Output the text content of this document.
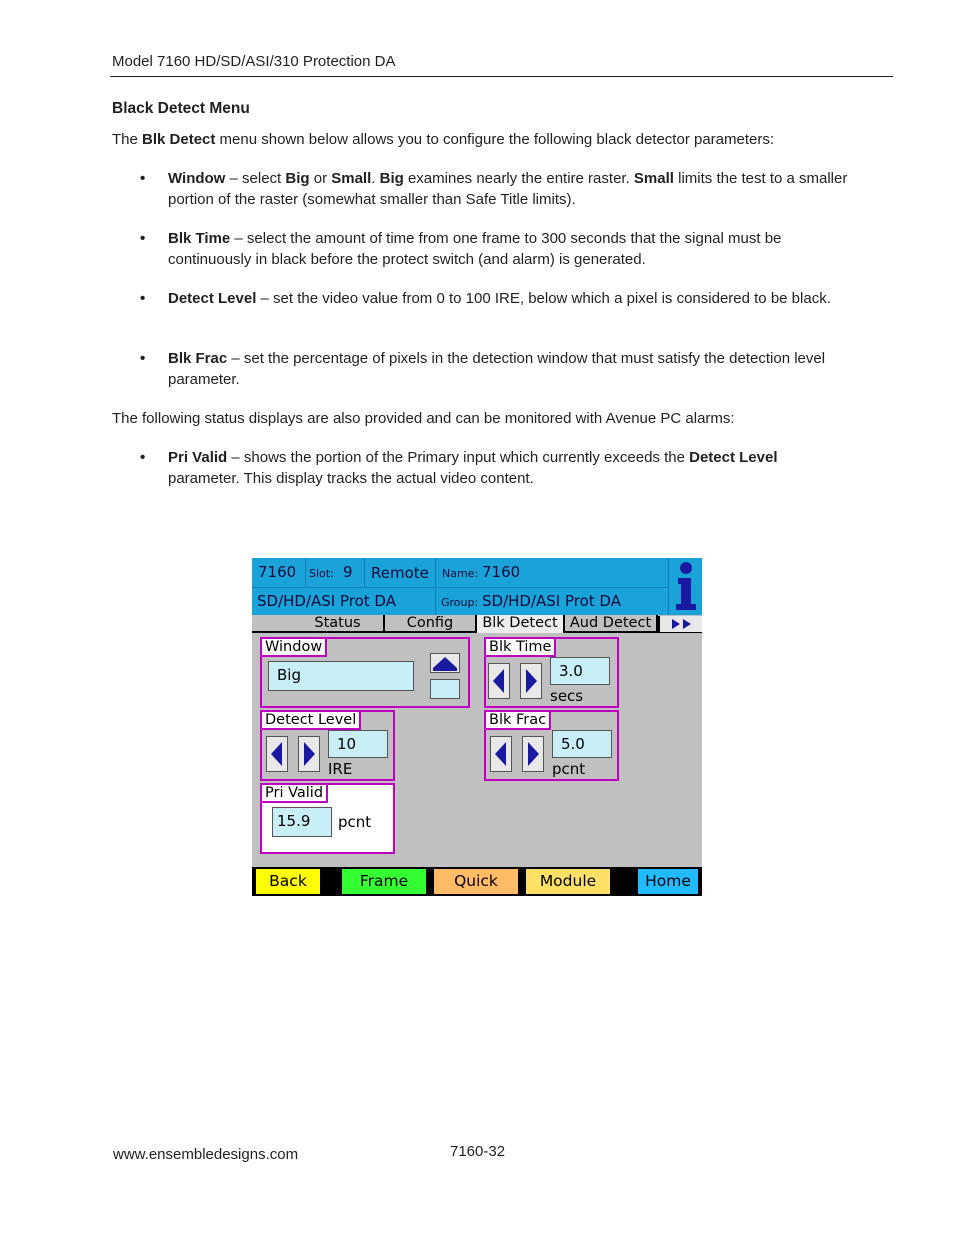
Model 7160 HD/SD/ASI/310 Protection DA
Black Detect Menu
The Blk Detect menu shown below allows you to configure the following black detector parameters:
• Window – select Big or Small. Big examines nearly the entire raster. Small limits the test to a smaller portion of the raster (somewhat smaller than Safe Title limits).
• Blk Time – select the amount of time from one frame to 300 seconds that the signal must be continuously in black before the protect switch (and alarm) is generated.
• Detect Level – set the video value from 0 to 100 IRE, below which a pixel is considered to be black.
• Blk Frac – set the percentage of pixels in the detection window that must satisfy the detection level parameter.
The following status displays are also provided and can be monitored with Avenue PC alarms:
• Pri Valid – shows the portion of the Primary input which currently exceeds the Detect Level parameter. This display tracks the actual video content.
7160 Slot: 9 Remote Name: 7160
SD/HD/ASI Prot DA	Group: SD/HD/ASI Prot DA
Status	Config	Blk Detect Aud Detect
Window
Big
Blk Time
3.0
secs
Detect Level
10
IRE
Blk Frac
5.0
pcnt
Pri Valid
15.9	pcnt
Back	Frame	Quick	Module	Home
www.ensembledesigns.com	7160-32
